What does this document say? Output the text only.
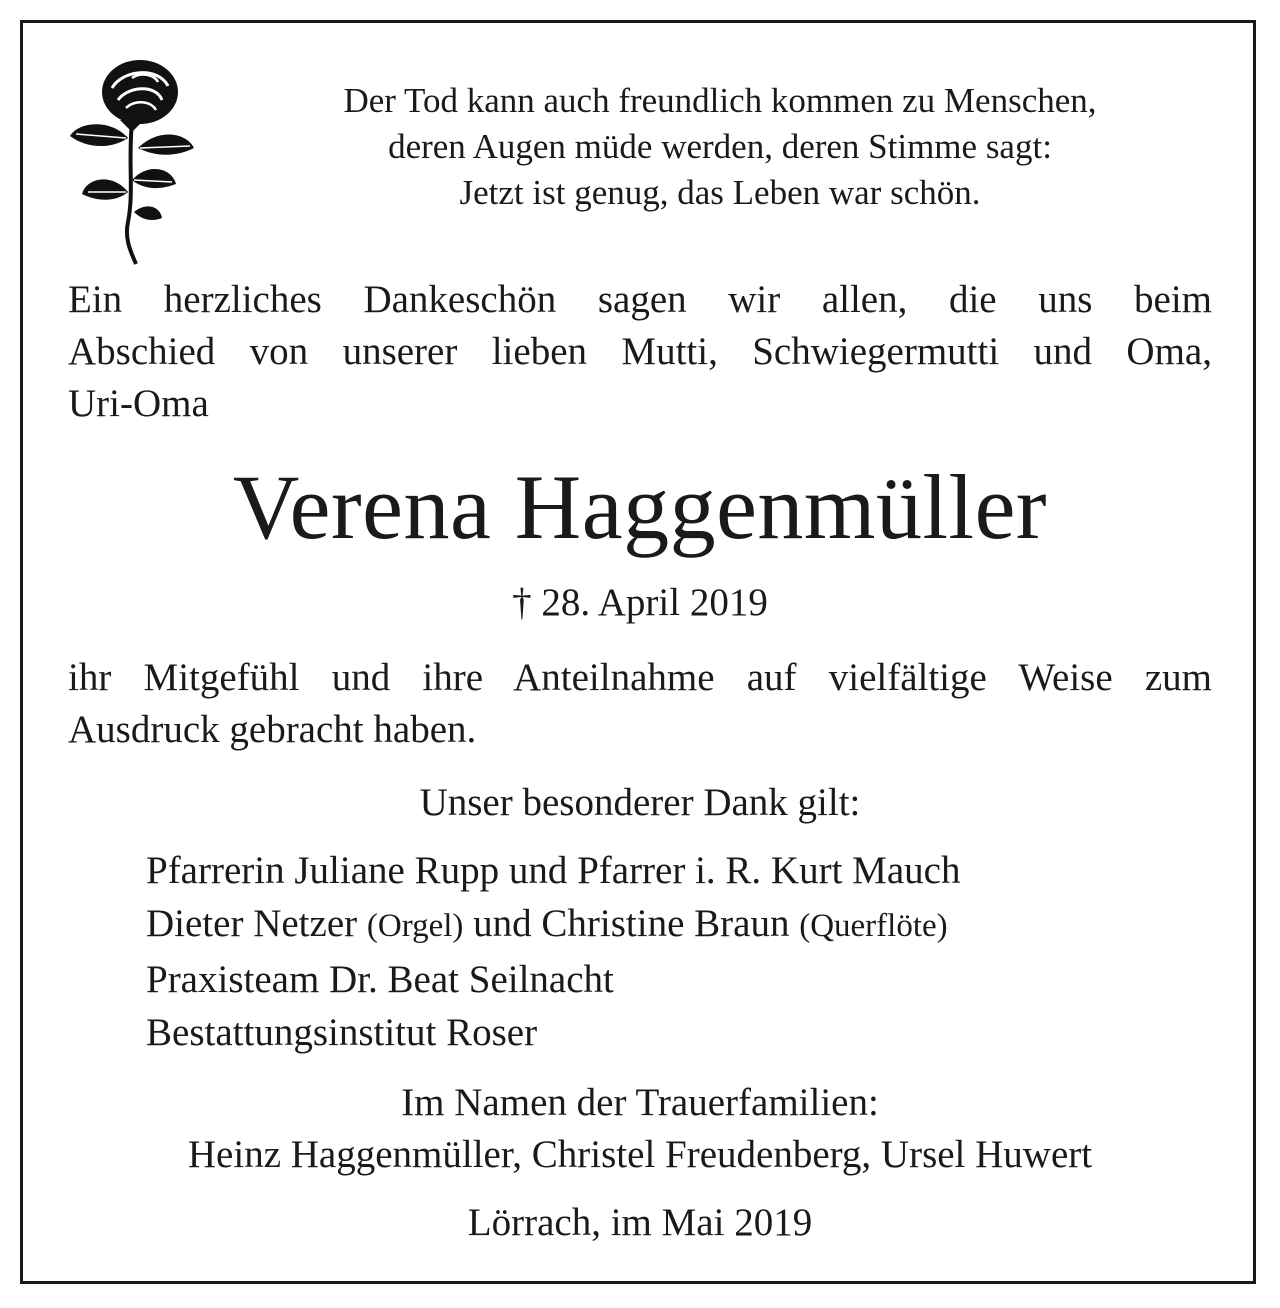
Der Tod kann auch freundlich kommen zu Menschen,
deren Augen müde werden, deren Stimme sagt:
Jetzt ist genug, das Leben war schön.
Ein herzliches Dankeschön sagen wir allen, die uns beim
Abschied von unserer lieben Mutti, Schwiegermutti und Oma,
Uri-Oma
Verena Haggenmüller
† 28. April 2019
ihr Mitgefühl und ihre Anteilnahme auf vielfältige Weise zum
Ausdruck gebracht haben.
Unser besonderer Dank gilt:
Pfarrerin Juliane Rupp und Pfarrer i. R. Kurt Mauch
Dieter Netzer (Orgel) und Christine Braun (Querflöte)
Praxisteam Dr. Beat Seilnacht
Bestattungsinstitut Roser
Im Namen der Trauerfamilien:
Heinz Haggenmüller, Christel Freudenberg, Ursel Huwert
Lörrach, im Mai 2019
